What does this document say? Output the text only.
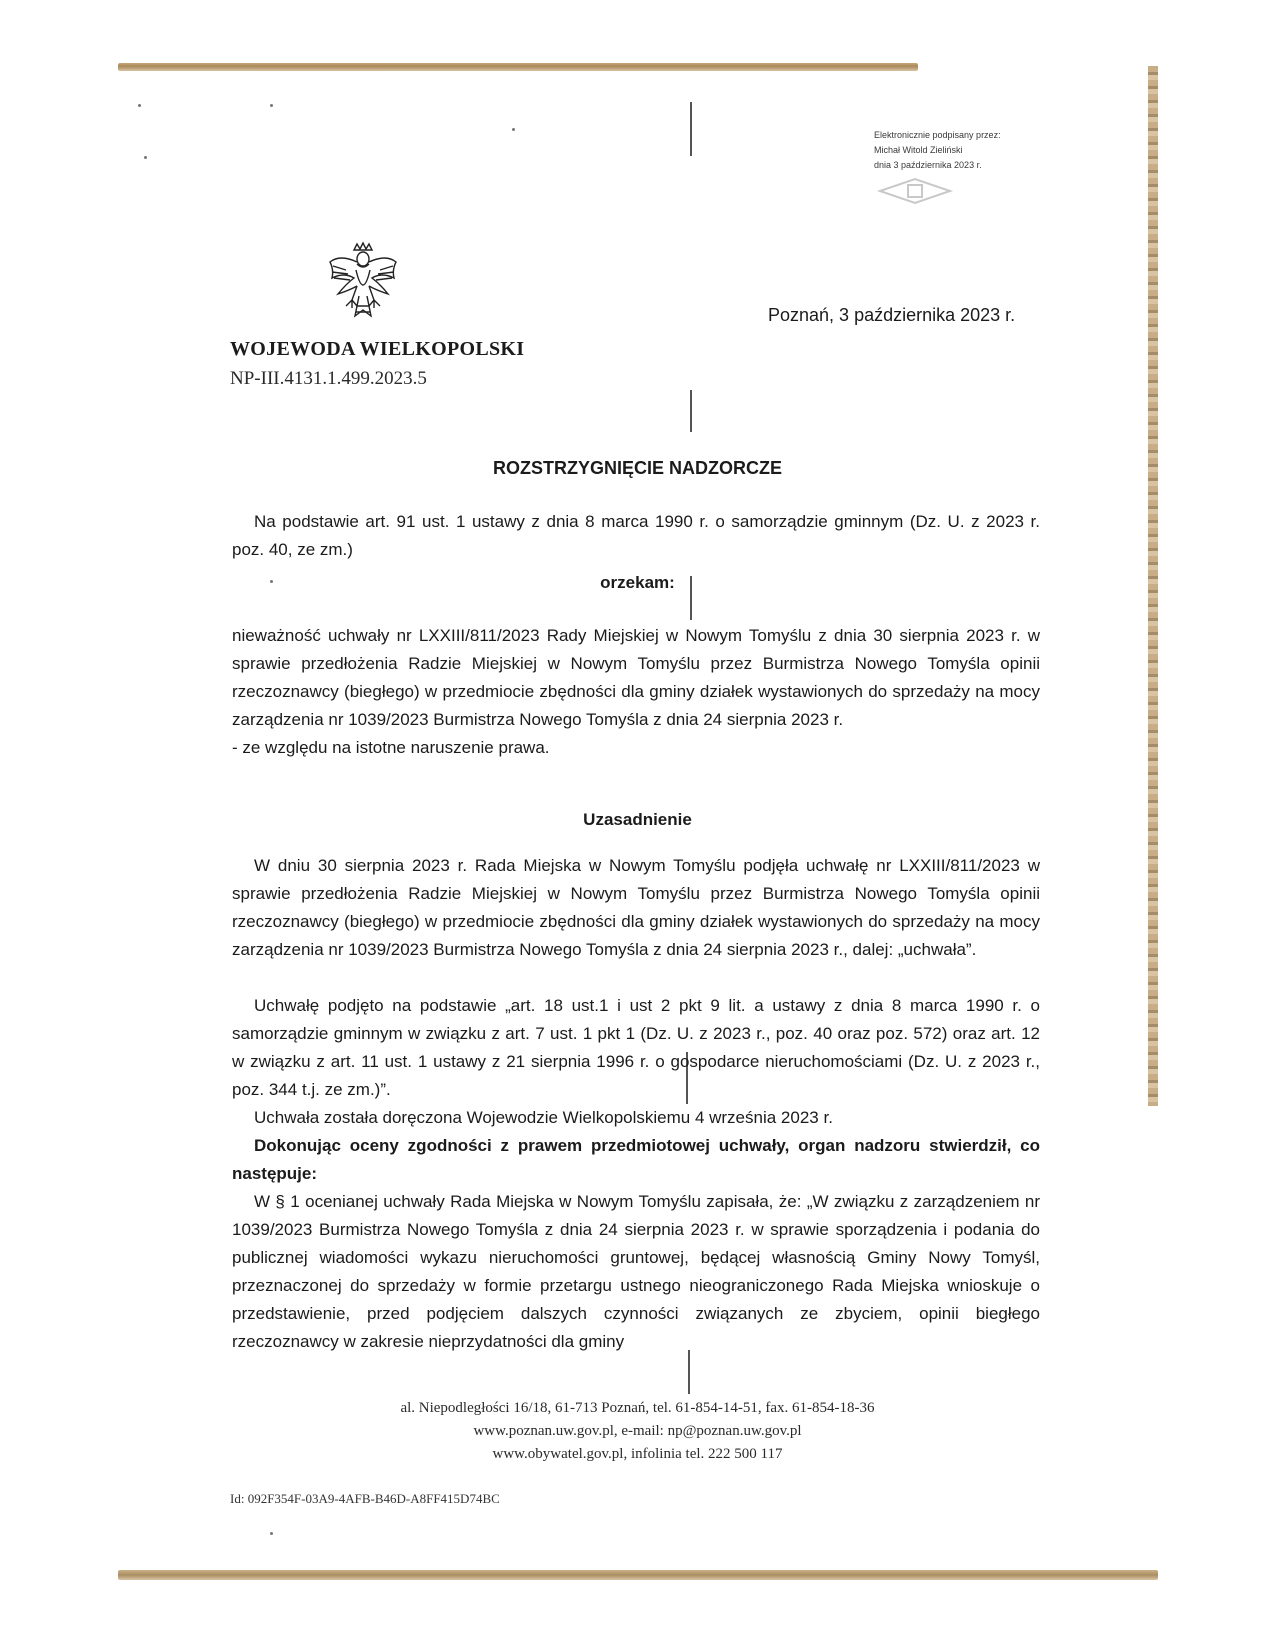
Elektronicznie podpisany przez:
Michał Witold Zieliński
dnia 3 października 2023 r.
Poznań, 3 października 2023 r.
WOJEWODA WIELKOPOLSKI
NP-III.4131.1.499.2023.5
ROZSTRZYGNIĘCIE NADZORCZE
Na podstawie art. 91 ust. 1 ustawy z dnia 8 marca 1990 r. o samorządzie gminnym (Dz. U. z 2023 r. poz. 40, ze zm.)
orzekam:
nieważność uchwały nr LXXIII/811/2023 Rady Miejskiej w Nowym Tomyślu z dnia 30 sierpnia 2023 r. w sprawie przedłożenia Radzie Miejskiej w Nowym Tomyślu przez Burmistrza Nowego Tomyśla opinii rzeczoznawcy (biegłego) w przedmiocie zbędności dla gminy działek wystawionych do sprzedaży na mocy zarządzenia nr 1039/2023 Burmistrza Nowego Tomyśla z dnia 24 sierpnia 2023 r.
- ze względu na istotne naruszenie prawa.
Uzasadnienie
W dniu 30 sierpnia 2023 r. Rada Miejska w Nowym Tomyślu podjęła uchwałę nr LXXIII/811/2023 w sprawie przedłożenia Radzie Miejskiej w Nowym Tomyślu przez Burmistrza Nowego Tomyśla opinii rzeczoznawcy (biegłego) w przedmiocie zbędności dla gminy działek wystawionych do sprzedaży na mocy zarządzenia nr 1039/2023 Burmistrza Nowego Tomyśla z dnia 24 sierpnia 2023 r., dalej: „uchwała”.
Uchwałę podjęto na podstawie „art. 18 ust.1 i ust 2 pkt 9 lit. a ustawy z dnia 8 marca 1990 r. o samorządzie gminnym w związku z art. 7 ust. 1 pkt 1 (Dz. U. z 2023 r., poz. 40 oraz poz. 572) oraz art. 12 w związku z art. 11 ust. 1 ustawy z 21 sierpnia 1996 r. o gospodarce nieruchomościami (Dz. U. z 2023 r., poz. 344 t.j. ze zm.)”.
Uchwała została doręczona Wojewodzie Wielkopolskiemu 4 września 2023 r.
Dokonując oceny zgodności z prawem przedmiotowej uchwały, organ nadzoru stwierdził, co następuje:
W § 1 ocenianej uchwały Rada Miejska w Nowym Tomyślu zapisała, że: „W związku z zarządzeniem nr 1039/2023 Burmistrza Nowego Tomyśla z dnia 24 sierpnia 2023 r. w sprawie sporządzenia i podania do publicznej wiadomości wykazu nieruchomości gruntowej, będącej własnością Gminy Nowy Tomyśl, przeznaczonej do sprzedaży w formie przetargu ustnego nieograniczonego Rada Miejska wnioskuje o przedstawienie, przed podjęciem dalszych czynności związanych ze zbyciem, opinii biegłego rzeczoznawcy w zakresie nieprzydatności dla gminy
al. Niepodległości 16/18, 61-713 Poznań, tel. 61-854-14-51, fax. 61-854-18-36
www.poznan.uw.gov.pl, e-mail: np@poznan.uw.gov.pl
www.obywatel.gov.pl, infolinia tel. 222 500 117
Id: 092F354F-03A9-4AFB-B46D-A8FF415D74BC
